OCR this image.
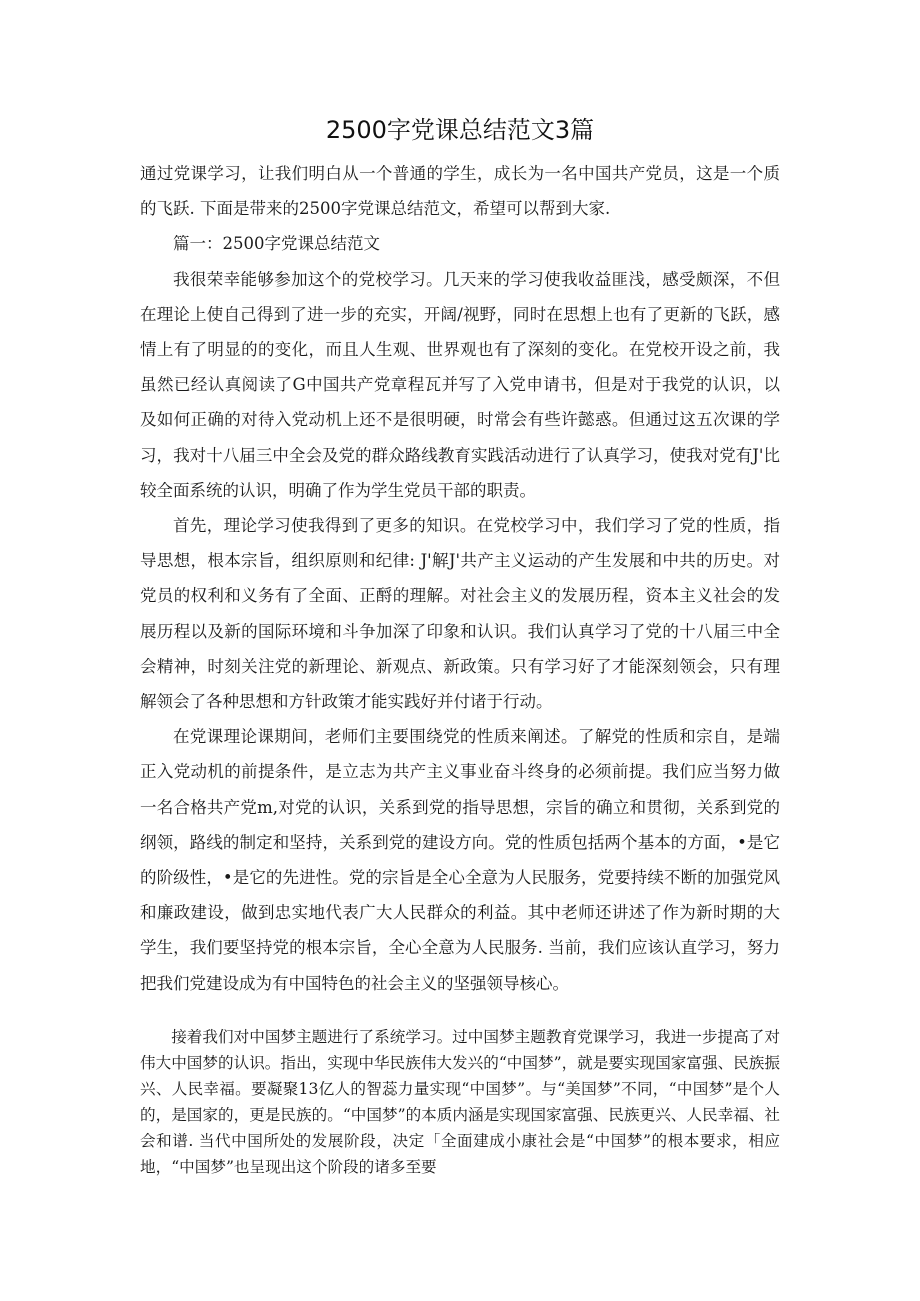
2500字党课总结范文3篇

通过党课学习，让我们明白从一个普通的学生，成长为一名中国共产党员，这是一个质的飞跃. 下面是带来的2500字党课总结范文，希望可以帮到大家.

篇一：2500字党课总结范文

我很荣幸能够参加这个的党校学习。几天来的学习使我收益匪浅，感受颇深，不但在理论上使自己得到了进一步的充实，开阔/视野，同时在思想上也有了更新的飞跃，感情上有了明显的的变化，而且人生观、世界观也有了深刻的变化。在党校开设之前，我虽然已经认真阅读了G中国共产党章程瓦并写了入党申请书，但是对于我党的认识，以及如何正确的对待入党动机上还不是很明硬，时常会有些许懿惑。但通过这五次课的学习，我对十八届三中全会及党的群众路线教育实践活动进行了认真学习，使我对党有J'比较全面系统的认识，明确了作为学生党员干部的职责。

首先，理论学习使我得到了更多的知识。在党校学习中，我们学习了党的性质，指导思想，根本宗旨，组织原则和纪律: J'解J'共产主义运动的产生发展和中共的历史。对党员的权利和义务有了全面、正酹的理解。对社会主义的发展历程，资本主义社会的发展历程以及新的国际环境和斗争加深了印象和认识。我们认真学习了党的十八届三中全会精神，时刻关注党的新理论、新观点、新政策。只有学习好了才能深刻领会，只有理解领会了各种思想和方针政策才能实践好并付诸于行动。

在党课理论课期间，老师们主要围绕党的性质来阐述。了解党的性质和宗自，是端正入党动机的前提条件，是立志为共产主义事业奋斗终身的必须前提。我们应当努力做一名合格共产党m,对党的认识，关系到党的指导思想，宗旨的确立和贯彻，关系到党的纲领，路线的制定和坚持，关系到党的建设方向。党的性质包括两个基本的方面，•是它的阶级性，•是它的先进性。党的宗旨是全心全意为人民服务，党要持续不断的加强党风和廉政建设，做到忠实地代表广大人民群众的利益。其中老师还讲述了作为新时期的大学生，我们要坚持党的根本宗旨，全心全意为人民服务. 当前，我们应该认直学习，努力把我们党建设成为有中国特色的社会主义的坚强领导核心。

接着我们对中国梦主题进行了系统学习。过中国梦主题教育党课学习，我进一步提高了对伟大中国梦的认识。指出，实现中华民族伟大发兴的“中国梦”，就是要实现国家富强、民族振兴、人民幸福。要凝聚13亿人的智蕊力量实现“中国梦”。与“美国梦”不同，“中国梦”是个人的，是国家的，更是民族的。“中国梦”的本质内涵是实现国家富强、民族更兴、人民幸福、社会和谱. 当代中国所处的发展阶段，决定「全面建成小康社会是“中国梦”的根本要求，相应地，“中国梦”也呈现出这个阶段的诸多至要
